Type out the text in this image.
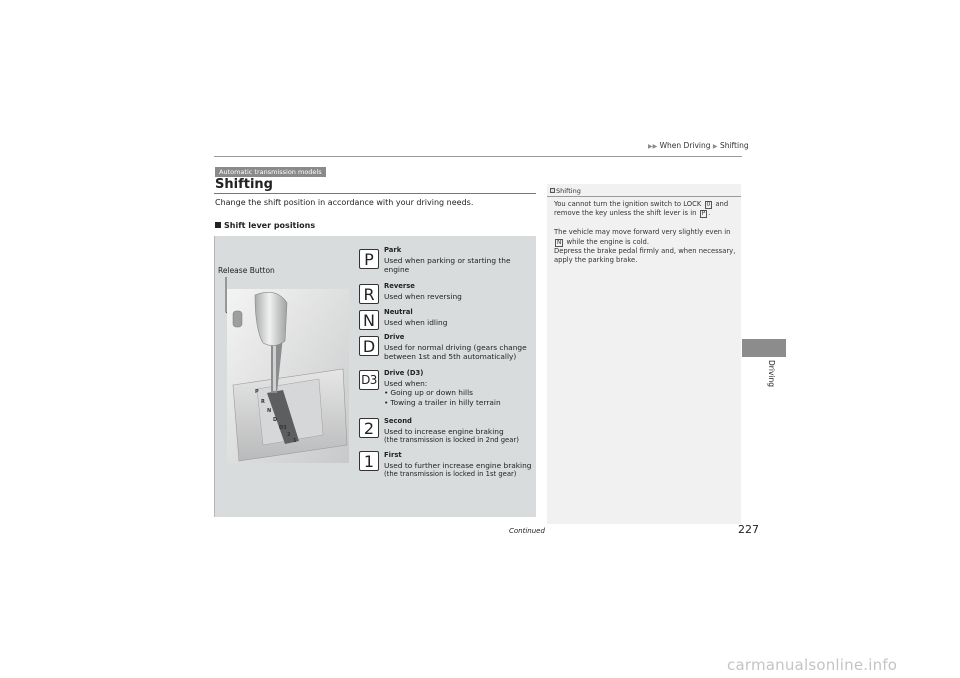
▶▶ When Driving ▶ Shifting
Driving
Automatic transmission models
Shifting
Change the shift position in accordance with your driving needs.
Shift lever positions
Release Button
P
R
N
D
D3
2
1
P Park
Used when parking or starting the engine
R Reverse
Used when reversing
N Neutral
Used when idling
D Drive
Used for normal driving (gears change between 1st and 5th automatically)
D3 Drive (D3)
Used when:
• Going up or down hills
• Towing a trailer in hilly terrain
2 Second
Used to increase engine braking
(the transmission is locked in 2nd gear)
1 First
Used to further increase engine braking
(the transmission is locked in 1st gear)
Shifting

You cannot turn the ignition switch to LOCK 0 and remove the key unless the shift lever is in P .

The vehicle may move forward very slightly even in
N while the engine is cold.

Depress the brake pedal firmly and, when necessary, apply the parking brake.

Continued	227
carmanualsonline.info
